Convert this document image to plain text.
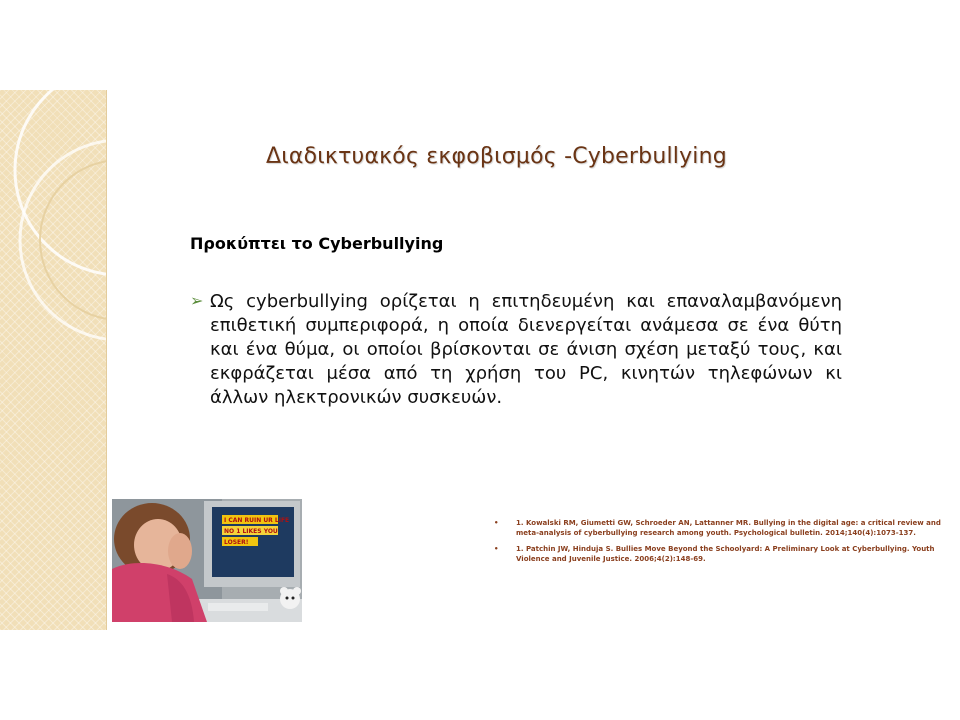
Διαδικτυακός εκφοβισμός -Cyberbullying
Προκύπτει το Cyberbullying
➢ Ως cyberbullying ορίζεται η επιτηδευμένη και επαναλαμβανόμενη επιθετική συμπεριφορά, η οποία διενεργείται ανάμεσα σε ένα θύτη και ένα θύμα, οι οποίοι βρίσκονται σε άνιση σχέση μεταξύ τους, και εκφράζεται μέσα από τη χρήση του PC, κινητών τηλεφώνων κι άλλων ηλεκτρονικών συσκευών.
I CAN RUIN UR LIFE
NO 1 LIKES YOU
LOSER!
•	1. Kowalski RM, Giumetti GW, Schroeder AN, Lattanner MR. Bullying in the digital age: a critical review and meta-analysis of cyberbullying research among youth. Psychological bulletin. 2014;140(4):1073-137.
•	1. Patchin JW, Hinduja S. Bullies Move Beyond the Schoolyard: A Preliminary Look at Cyberbullying. Youth Violence and Juvenile Justice. 2006;4(2):148-69.
